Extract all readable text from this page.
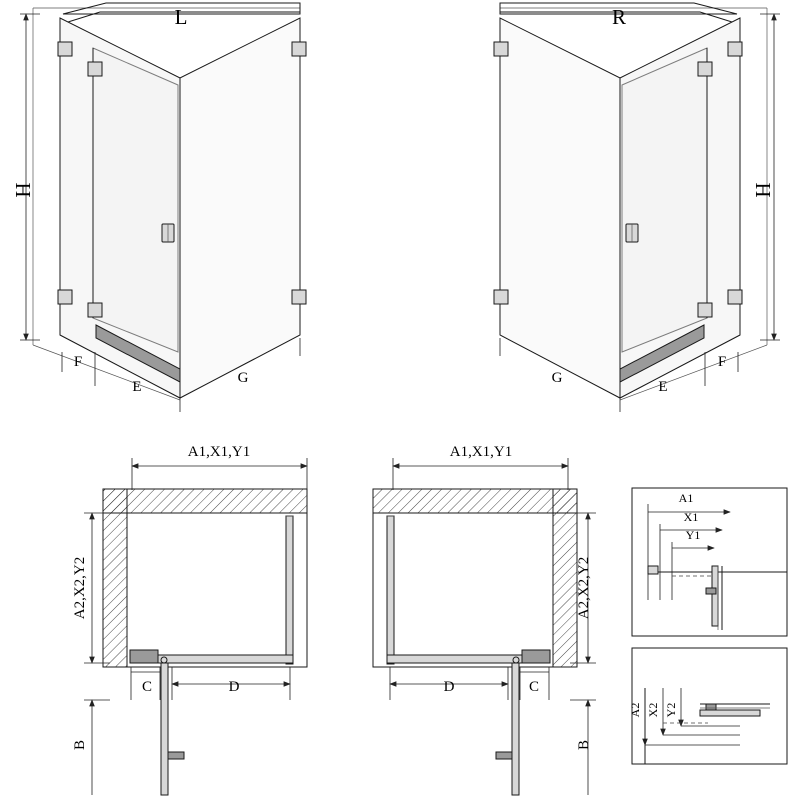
H
F
E
G
L
H
F
E
G
R
A1,X1,Y1
C	D
A2,X2,Y2
B
A1,X1,Y1
C
D
A2,X2,Y2
B
A1
X1
Y1
A2 X2 Y2
